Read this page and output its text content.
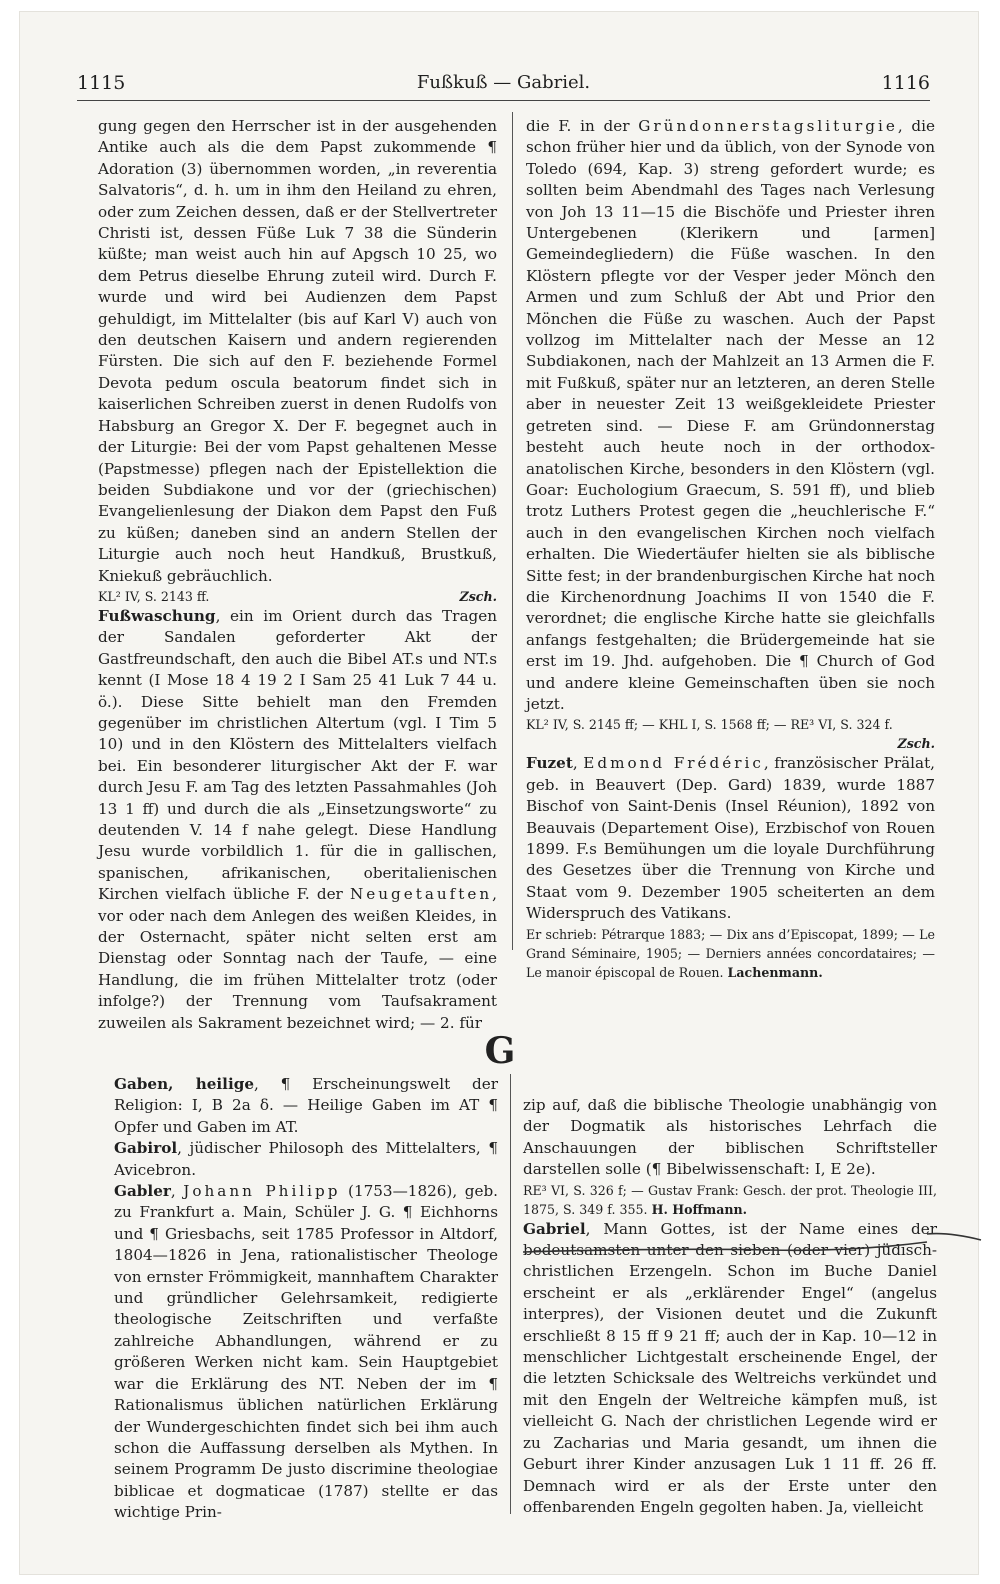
1115	Fußkuß — Gabriel.	1116

gung gegen den Herrscher ist in der ausgehenden Antike auch als die dem Papst zukommende ¶ Adoration (3) übernommen worden, „in reverentia Salvatoris“, d. h. um in ihm den Heiland zu ehren, oder zum Zeichen dessen, daß er der Stellvertreter Christi ist, dessen Füße Luk 7 38 die Sünderin küßte; man weist auch hin auf Apgsch 10 25, wo dem Petrus dieselbe Ehrung zuteil wird. Durch F. wurde und wird bei Audienzen dem Papst gehuldigt, im Mittelalter (bis auf Karl V) auch von den deutschen Kaisern und andern regierenden Fürsten. Die sich auf den F. beziehende Formel Devota pedum oscula beatorum findet sich in kaiserlichen Schreiben zuerst in denen Rudolfs von Habsburg an Gregor X. Der F. begegnet auch in der Liturgie: Bei der vom Papst gehaltenen Messe (Papstmesse) pflegen nach der Epistellektion die beiden Subdiakone und vor der (griechischen) Evangelienlesung der Diakon dem Papst den Fuß zu küßen; daneben sind an andern Stellen der Liturgie auch noch heut Handkuß, Brustkuß, Kniekuß gebräuchlich.

Zsch.
KL² IV, S. 2143 ff.

Fußwaschung, ein im Orient durch das Tragen der Sandalen geforderter Akt der Gastfreundschaft, den auch die Bibel AT.s und NT.s kennt (I Mose 18 4 19 2 I Sam 25 41 Luk 7 44 u. ö.). Diese Sitte behielt man den Fremden gegenüber im christlichen Altertum (vgl. I Tim 5 10) und in den Klöstern des Mittelalters vielfach bei. Ein besonderer liturgischer Akt der F. war durch Jesu F. am Tag des letzten Passahmahles (Joh 13 1 ff) und durch die als „Einsetzungsworte“ zu deutenden V. 14 f nahe gelegt. Diese Handlung Jesu wurde vorbildlich 1. für die in gallischen, spanischen, afrikanischen, oberitalienischen Kirchen vielfach übliche F. der Neugetauften, vor oder nach dem Anlegen des weißen Kleides, in der Osternacht, später nicht selten erst am Dienstag oder Sonntag nach der Taufe, — eine Handlung, die im frühen Mittelalter trotz (oder infolge?) der Trennung vom Taufsakrament zuweilen als Sakrament bezeichnet wird; — 2. für

die F. in der Gründonnerstagsliturgie, die schon früher hier und da üblich, von der Synode von Toledo (694, Kap. 3) streng gefordert wurde; es sollten beim Abendmahl des Tages nach Verlesung von Joh 13 11—15 die Bischöfe und Priester ihren Untergebenen (Klerikern und [armen] Gemeindegliedern) die Füße waschen. In den Klöstern pflegte vor der Vesper jeder Mönch den Armen und zum Schluß der Abt und Prior den Mönchen die Füße zu waschen. Auch der Papst vollzog im Mittelalter nach der Messe an 12 Subdiakonen, nach der Mahlzeit an 13 Armen die F. mit Fußkuß, später nur an letzteren, an deren Stelle aber in neuester Zeit 13 weißgekleidete Priester getreten sind. — Diese F. am Gründonnerstag besteht auch heute noch in der orthodox-anatolischen Kirche, besonders in den Klöstern (vgl. Goar: Euchologium Graecum, S. 591 ff), und blieb trotz Luthers Protest gegen die „heuchlerische F.“ auch in den evangelischen Kirchen noch vielfach erhalten. Die Wiedertäufer hielten sie als biblische Sitte fest; in der brandenburgischen Kirche hat noch die Kirchenordnung Joachims II von 1540 die F. verordnet; die englische Kirche hatte sie gleichfalls anfangs festgehalten; die Brüdergemeinde hat sie erst im 19. Jhd. aufgehoben. Die ¶ Church of God und andere kleine Gemeinschaften üben sie noch jetzt.

KL² IV, S. 2145 ff; — KHL I, S. 1568 ff; — RE³ VI, S. 324 f.
Zsch.

Fuzet, Edmond Frédéric, französischer Prälat, geb. in Beauvert (Dep. Gard) 1839, wurde 1887 Bischof von Saint-Denis (Insel Réunion), 1892 von Beauvais (Departement Oise), Erzbischof von Rouen 1899. F.s Bemühungen um die loyale Durchführung des Gesetzes über die Trennung von Kirche und Staat vom 9. Dezember 1905 scheiterten an dem Widerspruch des Vatikans.

Er schrieb: Pétrarque 1883; — Dix ans d’Episcopat, 1899; — Le Grand Séminaire, 1905; — Derniers années concordataires; — Le manoir épiscopal de Rouen. Lachenmann.

G

Gaben, heilige, ¶ Erscheinungswelt der Religion: I, B 2a δ. — Heilige Gaben im AT ¶ Opfer und Gaben im AT.

Gabirol, jüdischer Philosoph des Mittelalters, ¶ Avicebron.

Gabler, Johann Philipp (1753—1826), geb. zu Frankfurt a. Main, Schüler J. G. ¶ Eichhorns und ¶ Griesbachs, seit 1785 Professor in Altdorf, 1804—1826 in Jena, rationalistischer Theologe von ernster Frömmigkeit, mannhaftem Charakter und gründlicher Gelehrsamkeit, redigierte theologische Zeitschriften und verfaßte zahlreiche Abhandlungen, während er zu größeren Werken nicht kam. Sein Hauptgebiet war die Erklärung des NT. Neben der im ¶ Rationalismus üblichen natürlichen Erklärung der Wundergeschichten findet sich bei ihm auch schon die Auffassung derselben als Mythen. In seinem Programm De justo discrimine theologiae biblicae et dogmaticae (1787) stellte er das wichtige Prin-

zip auf, daß die biblische Theologie unabhängig von der Dogmatik als historisches Lehrfach die Anschauungen der biblischen Schriftsteller darstellen solle (¶ Bibelwissenschaft: I, E 2e).

RE³ VI, S. 326 f; — Gustav Frank: Gesch. der prot. Theologie III, 1875, S. 349 f. 355. H. Hoffmann.

Gabriel, Mann Gottes, ist der Name eines der bedeutsamsten unter den sieben (oder vier) jüdisch-christlichen Erzengeln. Schon im Buche Daniel erscheint er als „erklärender Engel“ (angelus interpres), der Visionen deutet und die Zukunft erschließt 8 15 ff 9 21 ff; auch der in Kap. 10—12 in menschlicher Lichtgestalt erscheinende Engel, der die letzten Schicksale des Weltreichs verkündet und mit den Engeln der Weltreiche kämpfen muß, ist vielleicht G. Nach der christlichen Legende wird er zu Zacharias und Maria gesandt, um ihnen die Geburt ihrer Kinder anzusagen Luk 1 11 ff. 26 ff. Demnach wird er als der Erste unter den offenbarenden Engeln gegolten haben. Ja, vielleicht
